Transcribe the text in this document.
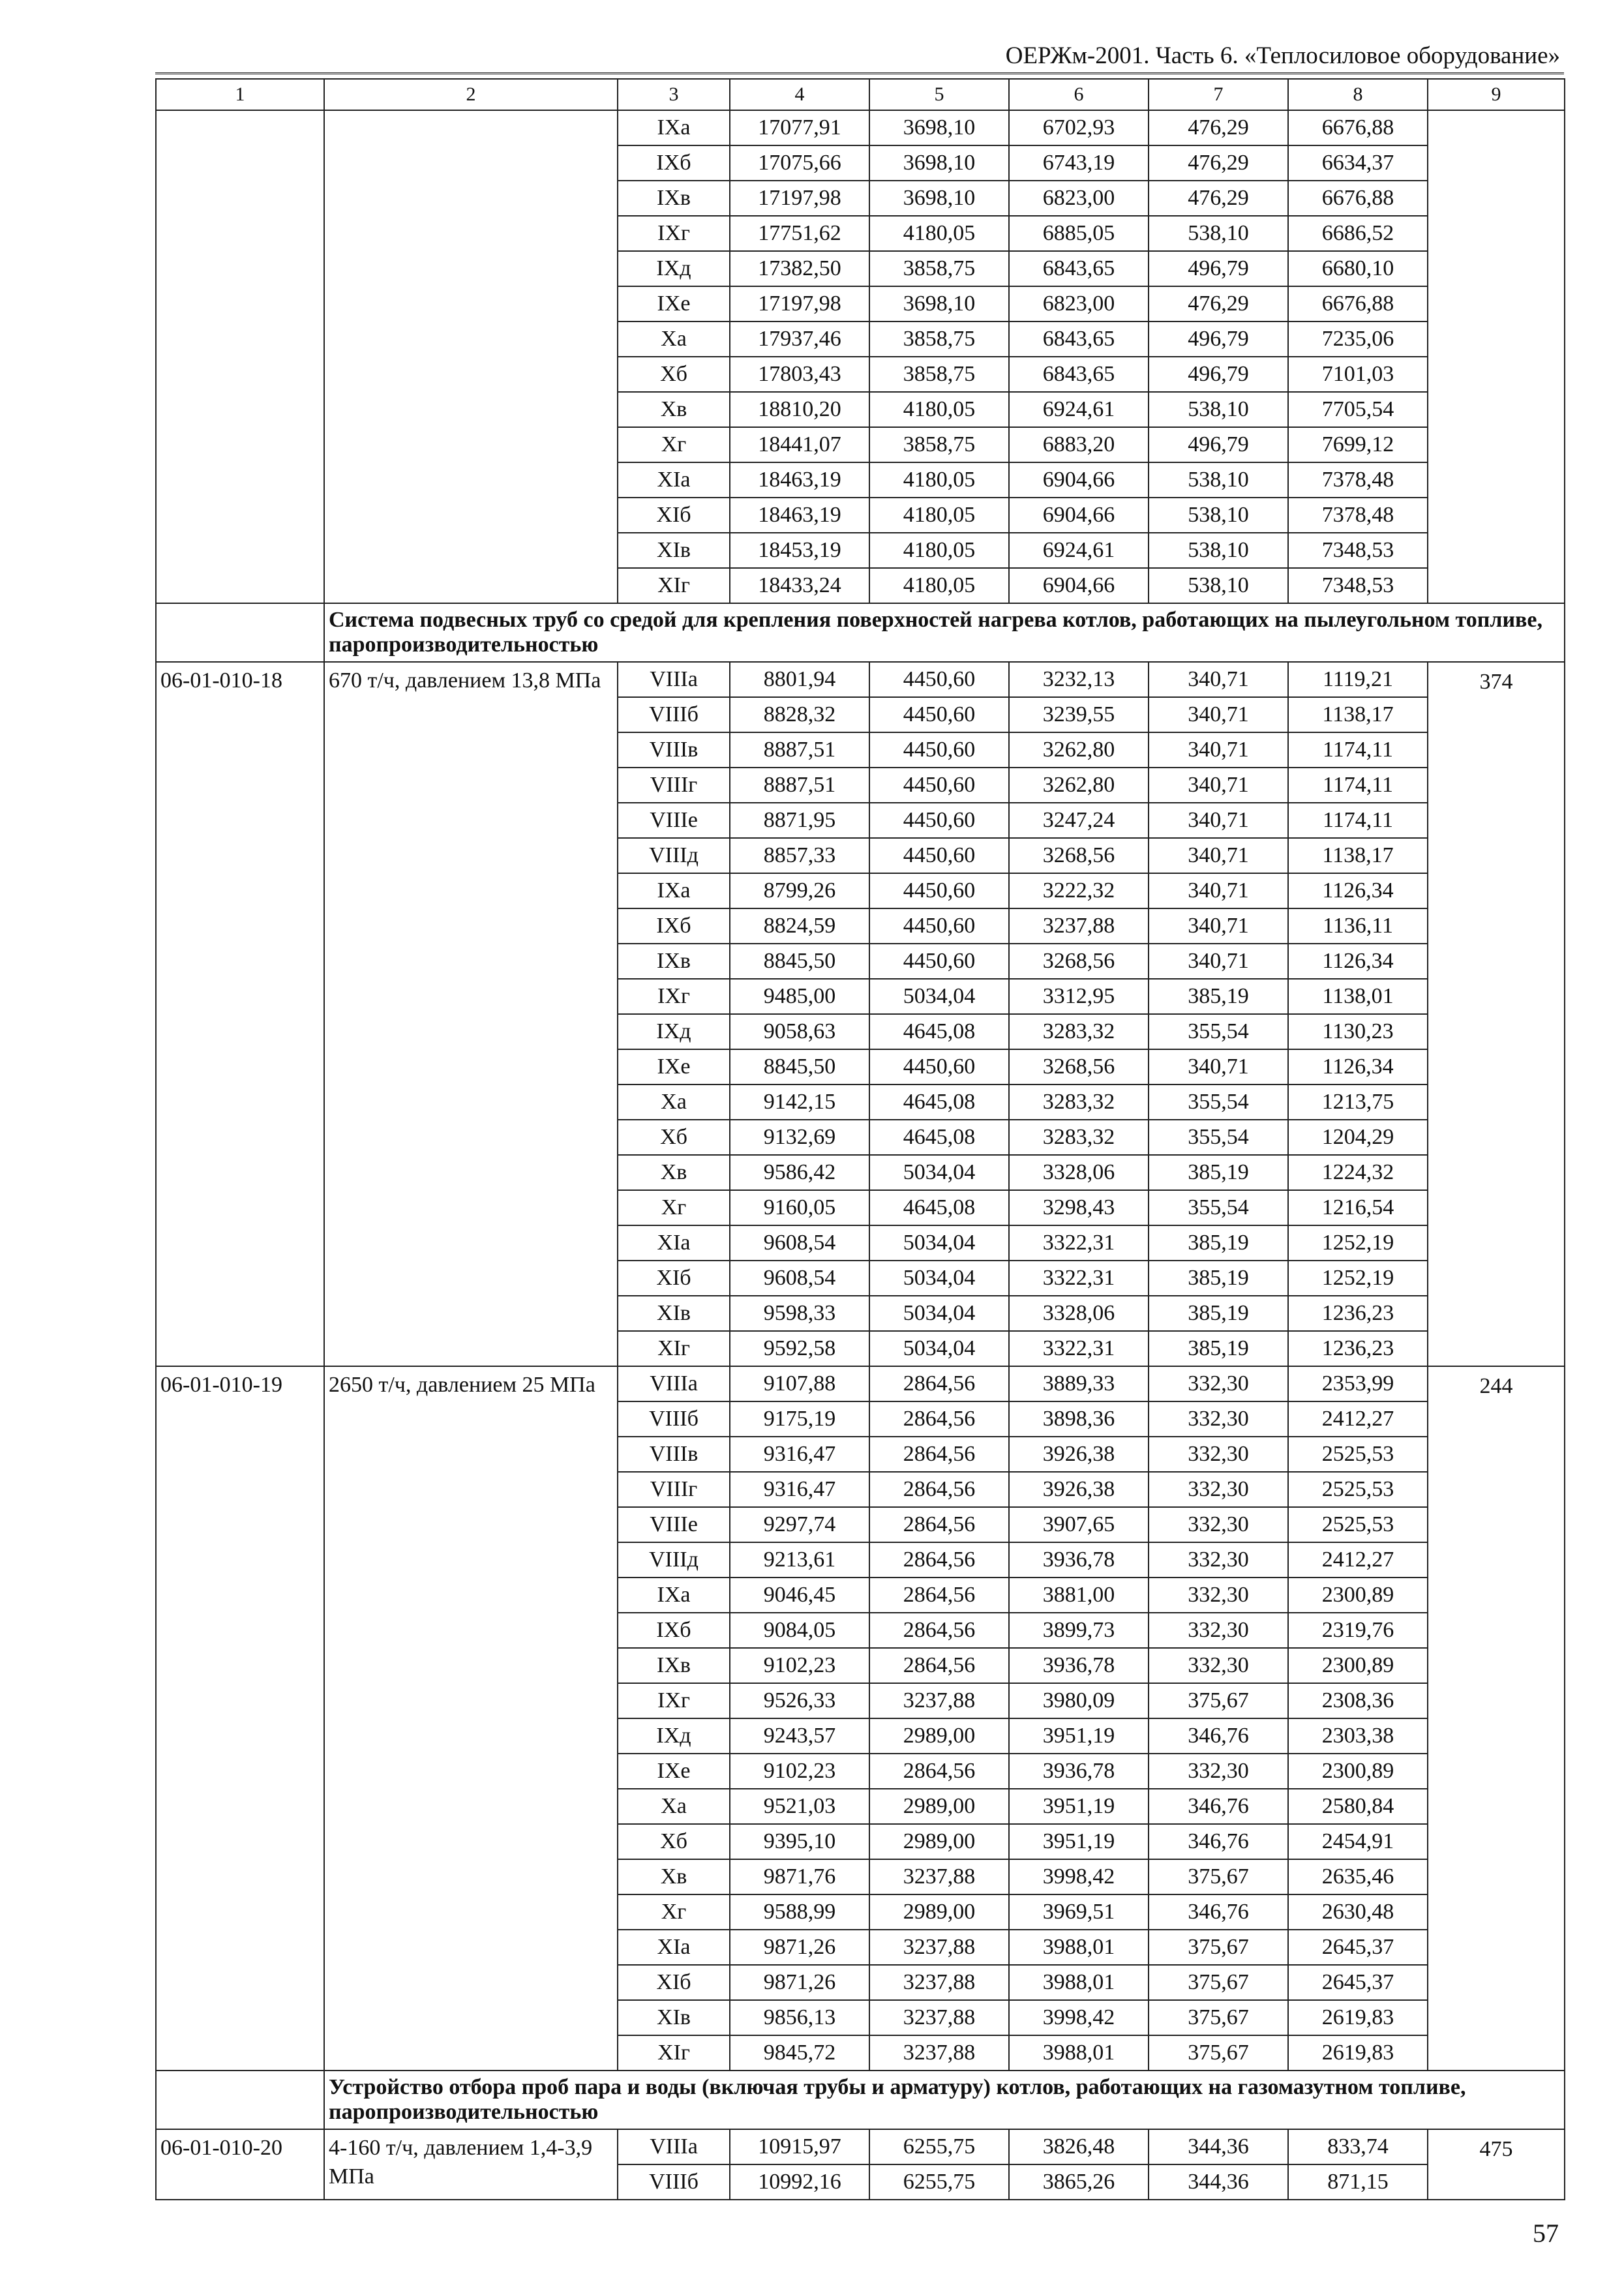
ОЕРЖм-2001. Часть 6. «Теплосиловое оборудование»
1	2	3	4	5	6	7	8	9
		IXа	17077,91	3698,10	6702,93	476,29	6676,88	
		IXб	17075,66	3698,10	6743,19	476,29	6634,37	
		IXв	17197,98	3698,10	6823,00	476,29	6676,88	
		IXг	17751,62	4180,05	6885,05	538,10	6686,52	
		IXд	17382,50	3858,75	6843,65	496,79	6680,10	
		IXе	17197,98	3698,10	6823,00	476,29	6676,88	
		Xа	17937,46	3858,75	6843,65	496,79	7235,06	
		Xб	17803,43	3858,75	6843,65	496,79	7101,03	
		Xв	18810,20	4180,05	6924,61	538,10	7705,54	
		Xг	18441,07	3858,75	6883,20	496,79	7699,12	
		XIа	18463,19	4180,05	6904,66	538,10	7378,48	
		XIб	18463,19	4180,05	6904,66	538,10	7378,48	
		XIв	18453,19	4180,05	6924,61	538,10	7348,53	
		XIг	18433,24	4180,05	6904,66	538,10	7348,53	
	Система подвесных труб со средой для крепления поверхностей нагрева котлов, работающих на пылеугольном топливе, паропроизводительностью							
06-01-010-18	670 т/ч, давлением 13,8 МПа	VIIIа	8801,94	4450,60	3232,13	340,71	1119,21	374
		VIIIб	8828,32	4450,60	3239,55	340,71	1138,17	
		VIIIв	8887,51	4450,60	3262,80	340,71	1174,11	
		VIIIг	8887,51	4450,60	3262,80	340,71	1174,11	
		VIIIе	8871,95	4450,60	3247,24	340,71	1174,11	
		VIIIд	8857,33	4450,60	3268,56	340,71	1138,17	
		IXа	8799,26	4450,60	3222,32	340,71	1126,34	
		IXб	8824,59	4450,60	3237,88	340,71	1136,11	
		IXв	8845,50	4450,60	3268,56	340,71	1126,34	
		IXг	9485,00	5034,04	3312,95	385,19	1138,01	
		IXд	9058,63	4645,08	3283,32	355,54	1130,23	
		IXе	8845,50	4450,60	3268,56	340,71	1126,34	
		Xа	9142,15	4645,08	3283,32	355,54	1213,75	
		Xб	9132,69	4645,08	3283,32	355,54	1204,29	
		Xв	9586,42	5034,04	3328,06	385,19	1224,32	
		Xг	9160,05	4645,08	3298,43	355,54	1216,54	
		XIа	9608,54	5034,04	3322,31	385,19	1252,19	
		XIб	9608,54	5034,04	3322,31	385,19	1252,19	
		XIв	9598,33	5034,04	3328,06	385,19	1236,23	
		XIг	9592,58	5034,04	3322,31	385,19	1236,23	
06-01-010-19	2650 т/ч, давлением 25 МПа	VIIIа	9107,88	2864,56	3889,33	332,30	2353,99	244
		VIIIб	9175,19	2864,56	3898,36	332,30	2412,27	
		VIIIв	9316,47	2864,56	3926,38	332,30	2525,53	
		VIIIг	9316,47	2864,56	3926,38	332,30	2525,53	
		VIIIе	9297,74	2864,56	3907,65	332,30	2525,53	
		VIIIд	9213,61	2864,56	3936,78	332,30	2412,27	
		IXа	9046,45	2864,56	3881,00	332,30	2300,89	
		IXб	9084,05	2864,56	3899,73	332,30	2319,76	
		IXв	9102,23	2864,56	3936,78	332,30	2300,89	
		IXг	9526,33	3237,88	3980,09	375,67	2308,36	
		IXд	9243,57	2989,00	3951,19	346,76	2303,38	
		IXе	9102,23	2864,56	3936,78	332,30	2300,89	
		Xа	9521,03	2989,00	3951,19	346,76	2580,84	
		Xб	9395,10	2989,00	3951,19	346,76	2454,91	
		Xв	9871,76	3237,88	3998,42	375,67	2635,46	
		Xг	9588,99	2989,00	3969,51	346,76	2630,48	
		XIа	9871,26	3237,88	3988,01	375,67	2645,37	
		XIб	9871,26	3237,88	3988,01	375,67	2645,37	
		XIв	9856,13	3237,88	3998,42	375,67	2619,83	
		XIг	9845,72	3237,88	3988,01	375,67	2619,83	
	Устройство отбора проб пара и воды (включая трубы и арматуру) котлов, работающих на газомазутном топливе, паропроизводительностью							
06-01-010-20	4-160 т/ч, давлением 1,4-3,9 МПа	VIIIа	10915,97	6255,75	3826,48	344,36	833,74	475
		VIIIб	10992,16	6255,75	3865,26	344,36	871,15	
57
